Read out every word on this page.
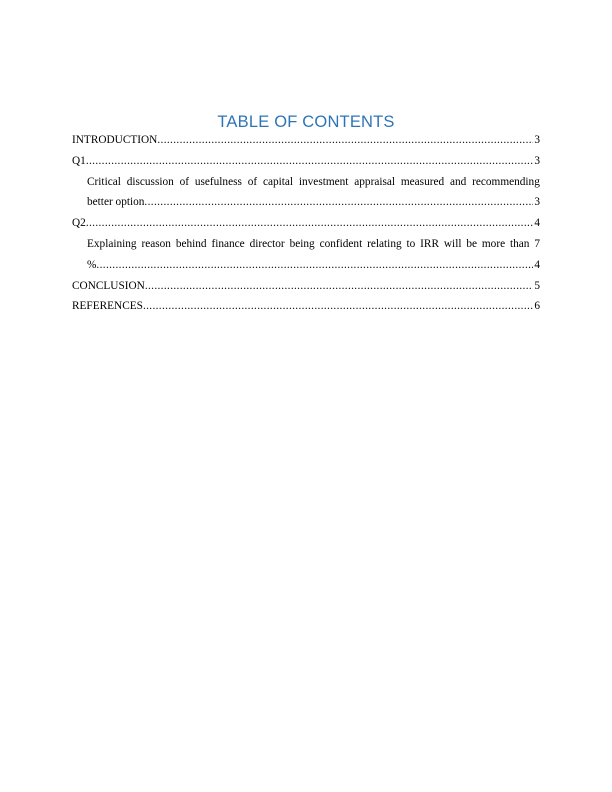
TABLE OF CONTENTS
INTRODUCTION .....	3
Q1 .....	3
Critical discussion of usefulness of capital investment appraisal measured and recommending
better option .....	3
Q2 .....	4
Explaining reason behind finance director being confident relating to IRR will be more than 7
% .....	4
CONCLUSION .....	5
REFERENCES .....	6
